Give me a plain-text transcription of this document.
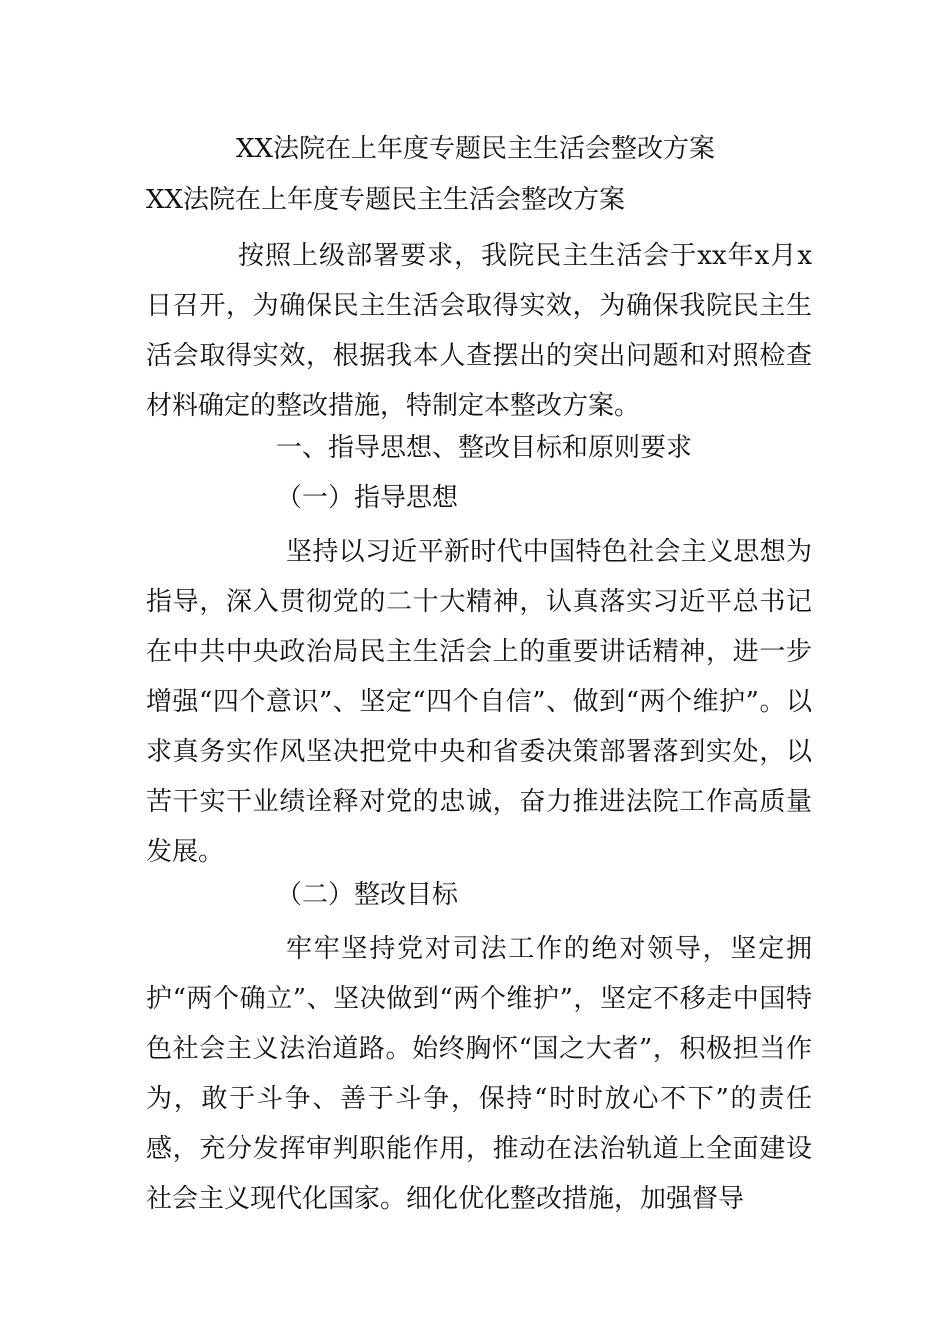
XX法院在上年度专题民主生活会整改方案
XX法院在上年度专题民主生活会整改方案
按照上级部署要求，我院民主生活会于xx年x月x日召开，为确保民主生活会取得实效，为确保我院民主生活会取得实效，根据我本人查摆出的突出问题和对照检查材料确定的整改措施，特制定本整改方案。
一、指导思想、整改目标和原则要求
（一）指导思想
坚持以习近平新时代中国特色社会主义思想为指导，深入贯彻党的二十大精神，认真落实习近平总书记在中共中央政治局民主生活会上的重要讲话精神，进一步增强“四个意识”、坚定“四个自信”、做到“两个维护”。以求真务实作风坚决把党中央和省委决策部署落到实处，以苦干实干业绩诠释对党的忠诚，奋力推进法院工作高质量发展。
（二）整改目标
牢牢坚持党对司法工作的绝对领导，坚定拥护“两个确立”、坚决做到“两个维护”，坚定不移走中国特色社会主义法治道路。始终胸怀“国之大者”，积极担当作为，敢于斗争、善于斗争，保持“时时放心不下”的责任感，充分发挥审判职能作用，推动在法治轨道上全面建设社会主义现代化国家。细化优化整改措施，加强督导
